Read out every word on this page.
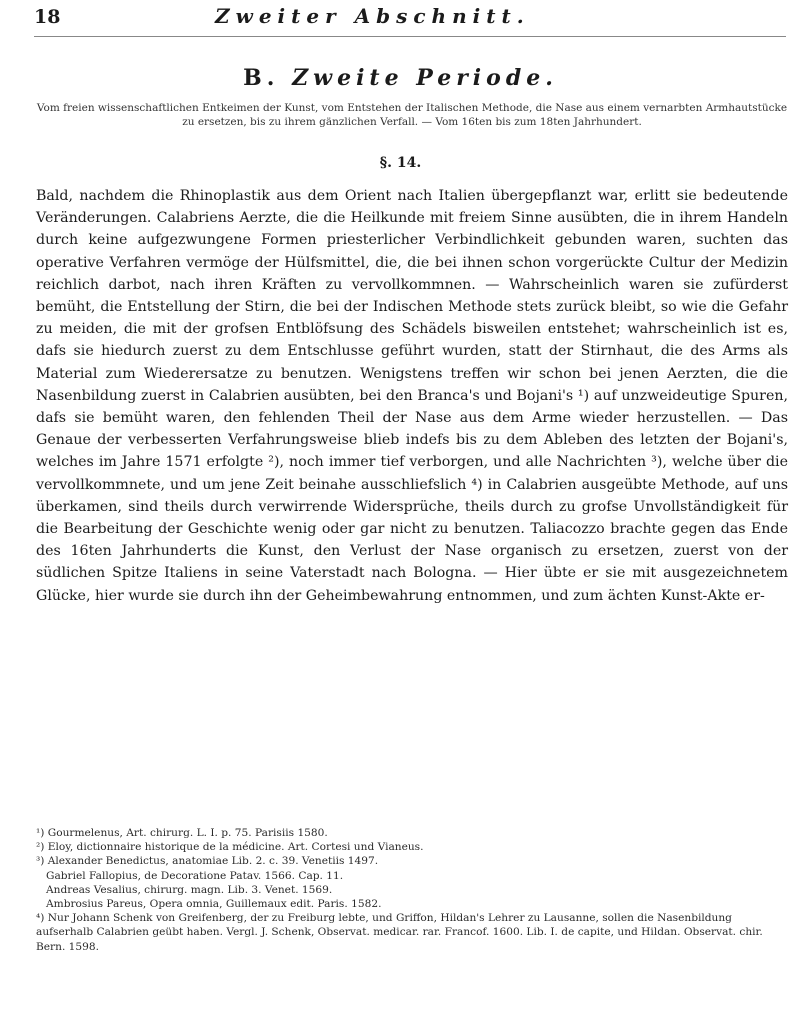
18	Zweiter Abschnitt.
B. Zweite Periode.
Vom freien wissenschaftlichen Entkeimen der Kunst, vom Entstehen der Italischen Methode, die Nase aus einem vernarbten Armhautstücke zu ersetzen, bis zu ihrem gänzlichen Verfall. — Vom 16ten bis zum 18ten Jahrhundert.
§. 14.

Bald, nachdem die Rhinoplastik aus dem Orient nach Italien übergepflanzt war, erlitt sie bedeutende Veränderungen. Calabriens Aerzte, die die Heilkunde mit freiem Sinne ausübten, die in ihrem Handeln durch keine aufgezwungene Formen priesterlicher Verbindlichkeit gebunden waren, suchten das operative Verfahren vermöge der Hülfsmittel, die, die bei ihnen schon vorgerückte Cultur der Medizin reichlich darbot, nach ihren Kräften zu vervollkommnen. — Wahrscheinlich waren sie zufürderst bemüht, die Entstellung der Stirn, die bei der Indischen Methode stets zurück bleibt, so wie die Gefahr zu meiden, die mit der grofsen Entblöfsung des Schädels bisweilen entstehet; wahrscheinlich ist es, dafs sie hiedurch zuerst zu dem Entschlusse geführt wurden, statt der Stirnhaut, die des Arms als Material zum Wiederersatze zu benutzen. Wenigstens treffen wir schon bei jenen Aerzten, die die Nasenbildung zuerst in Calabrien ausübten, bei den Branca's und Bojani's ¹) auf unzweideutige Spuren, dafs sie bemüht waren, den fehlenden Theil der Nase aus dem Arme wieder herzustellen. — Das Genaue der verbesserten Verfahrungsweise blieb indefs bis zu dem Ableben des letzten der Bojani's, welches im Jahre 1571 erfolgte ²), noch immer tief verborgen, und alle Nachrichten ³), welche über die vervollkommnete, und um jene Zeit beinahe ausschliefslich ⁴) in Calabrien ausgeübte Methode, auf uns überkamen, sind theils durch verwirrende Widersprüche, theils durch zu grofse Unvollständigkeit für die Bearbeitung der Geschichte wenig oder gar nicht zu benutzen. Taliacozzo brachte gegen das Ende des 16ten Jahrhunderts die Kunst, den Verlust der Nase organisch zu ersetzen, zuerst von der südlichen Spitze Italiens in seine Vaterstadt nach Bologna. — Hier übte er sie mit ausgezeichnetem Glücke, hier wurde sie durch ihn der Geheimbewahrung entnommen, und zum ächten Kunst-Akte er-

¹) Gourmelenus, Art. chirurg. L. I. p. 75. Parisiis 1580.
²) Eloy, dictionnaire historique de la médicine. Art. Cortesi und Vianeus.
³) Alexander Benedictus, anatomiae Lib. 2. c. 39. Venetiis 1497.
Gabriel Fallopius, de Decoratione Patav. 1566. Cap. 11.
Andreas Vesalius, chirurg. magn. Lib. 3. Venet. 1569.
Ambrosius Pareus, Opera omnia, Guillemaux edit. Paris. 1582.
⁴) Nur Johann Schenk von Greifenberg, der zu Freiburg lebte, und Griffon, Hildan's Lehrer zu Lausanne, sollen die Nasenbildung aufserhalb Calabrien geübt haben. Vergl. J. Schenk, Observat. medicar. rar. Francof. 1600. Lib. I. de capite, und Hildan. Observat. chir. Bern. 1598.
